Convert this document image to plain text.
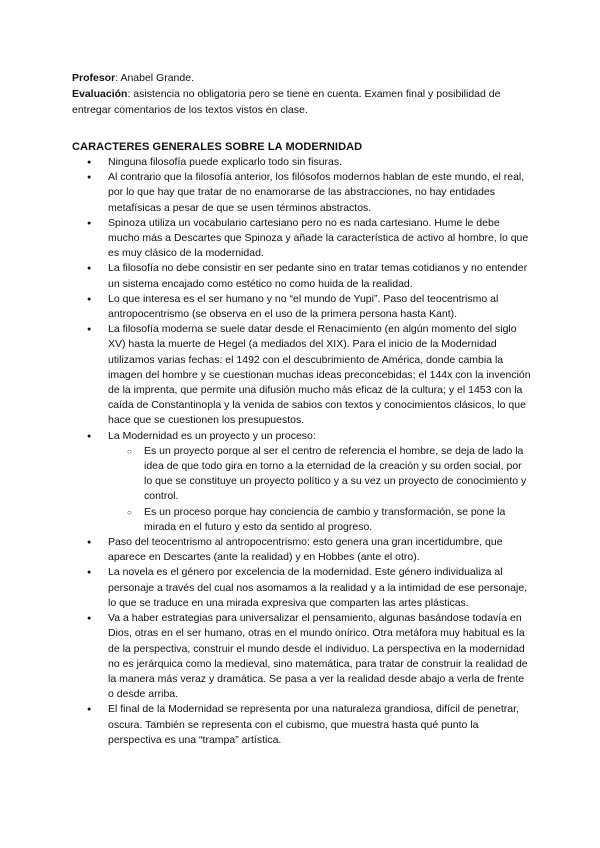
Profesor: Anabel Grande.

Evaluación: asistencia no obligatoria pero se tiene en cuenta. Examen final y posibilidad de entregar comentarios de los textos vistos en clase.

CARACTERES GENERALES SOBRE LA MODERNIDAD
● Ninguna filosofía puede explicarlo todo sin fisuras.
● Al contrario que la filosofía anterior, los filósofos modernos hablan de este mundo, el real, por lo que hay que tratar de no enamorarse de las abstracciones, no hay entidades metafísicas a pesar de que se usen términos abstractos.
● Spinoza utiliza un vocabulario cartesiano pero no es nada cartesiano. Hume le debe mucho más a Descartes que Spinoza y añade la característica de activo al hombre, lo que es muy clásico de la modernidad.
● La filosofía no debe consistir en ser pedante sino en tratar temas cotidianos y no entender un sistema encajado como estético no como huida de la realidad.
● Lo que interesa es el ser humano y no “el mundo de Yupi”. Paso del teocentrismo al antropocentrismo (se observa en el uso de la primera persona hasta Kant).
● La filosofía moderna se suele datar desde el Renacimiento (en algún momento del siglo XV) hasta la muerte de Hegel (a mediados del XIX). Para el inicio de la Modernidad utilizamos varias fechas: el 1492 con el descubrimiento de América, donde cambia la imagen del hombre y se cuestionan muchas ideas preconcebidas; el 144x con la invención de la imprenta, que permite una difusión mucho más eficaz de la cultura; y el 1453 con la caída de Constantinopla y la venida de sabios con textos y conocimientos clásicos, lo que hace que se cuestionen los presupuestos.
● La Modernidad es un proyecto y un proceso:
○ Es un proyecto porque al ser el centro de referencia el hombre, se deja de lado la idea de que todo gira en torno a la eternidad de la creación y su orden social, por lo que se constituye un proyecto político y a su vez un proyecto de conocimiento y control.
○ Es un proceso porque hay conciencia de cambio y transformación, se pone la mirada en el futuro y esto da sentido al progreso.
● Paso del teocentrismo al antropocentrismo: esto genera una gran incertidumbre, que aparece en Descartes (ante la realidad) y en Hobbes (ante el otro).
● La novela es el género por excelencia de la modernidad. Este género individualiza al personaje a través del cual nos asomamos a la realidad y a la intimidad de ese personaje, lo que se traduce en una mirada expresiva que comparten las artes plásticas.
● Va a haber estrategias para universalizar el pensamiento, algunas basándose todavía en Dios, otras en el ser humano, otras en el mundo onírico. Otra metáfora muy habitual es la de la perspectiva, construir el mundo desde el individuo. La perspectiva en la modernidad no es jerárquica como la medieval, sino matemática, para tratar de construir la realidad de la manera más veraz y dramática. Se pasa a ver la realidad desde abajo a verla de frente o desde arriba.
● El final de la Modernidad se representa por una naturaleza grandiosa, difícil de penetrar, oscura. También se representa con el cubismo, que muestra hasta qué punto la perspectiva es una “trampa” artística.
